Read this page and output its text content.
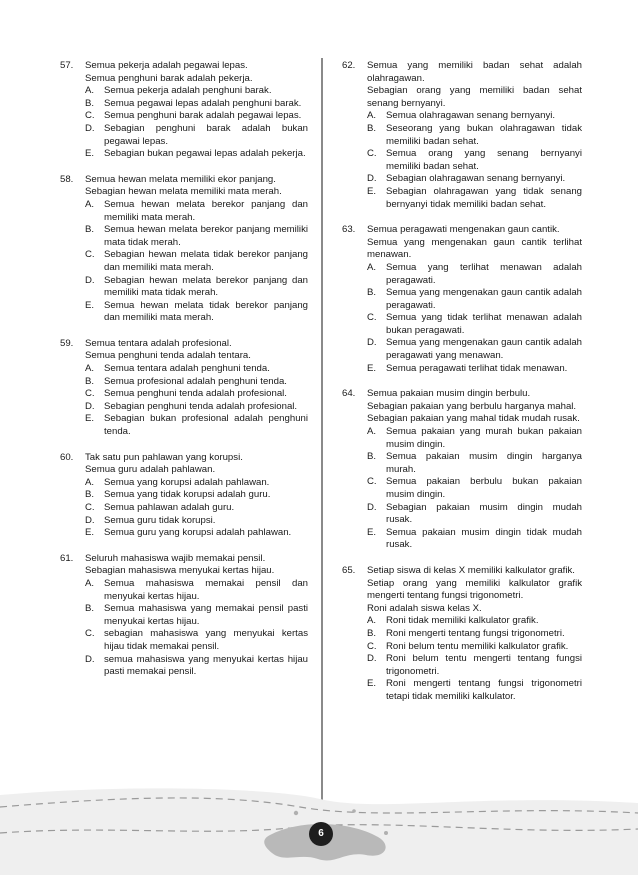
57. Semua pekerja adalah pegawai lepas.
Semua penghuni barak adalah pekerja.
A. Semua pekerja adalah penghuni barak.
B. Semua pegawai lepas adalah penghuni barak.
C. Semua penghuni barak adalah pegawai lepas.
D. Sebagian penghuni barak adalah bukan pegawai lepas.
E. Sebagian bukan pegawai lepas adalah pekerja.
58. Semua hewan melata memiliki ekor panjang.
Sebagian hewan melata memiliki mata merah.
A. Semua hewan melata berekor panjang dan memiliki mata merah.
B. Semua hewan melata berekor panjang memiliki mata tidak merah.
C. Sebagian hewan melata tidak berekor panjang dan memiliki mata merah.
D. Sebagian hewan melata berekor panjang dan memiliki mata tidak merah.
E. Semua hewan melata tidak berekor panjang dan memiliki mata merah.
59. Semua tentara adalah profesional.
Semua penghuni tenda adalah tentara.
A. Semua tentara adalah penghuni tenda.
B. Semua profesional adalah penghuni tenda.
C. Semua penghuni tenda adalah profesional.
D. Sebagian penghuni tenda adalah profesional.
E. Sebagian bukan profesional adalah penghuni tenda.
60. Tak satu pun pahlawan yang korupsi.
Semua guru adalah pahlawan.
A. Semua yang korupsi adalah pahlawan.
B. Semua yang tidak korupsi adalah guru.
C. Semua pahlawan adalah guru.
D. Semua guru tidak korupsi.
E. Semua guru yang korupsi adalah pahlawan.
61. Seluruh mahasiswa wajib memakai pensil.
Sebagian mahasiswa menyukai kertas hijau.
A. Semua mahasiswa memakai pensil dan menyukai kertas hijau.
B. Semua mahasiswa yang memakai pensil pasti menyukai kertas hijau.
C. sebagian mahasiswa yang menyukai kertas hijau tidak memakai pensil.
D. semua mahasiswa yang menyukai kertas hijau pasti memakai pensil.
62. Semua yang memiliki badan sehat adalah olahragawan.
Sebagian orang yang memiliki badan sehat senang bernyanyi.
A. Semua olahragawan senang bernyanyi.
B. Seseorang yang bukan olahragawan tidak memiliki badan sehat.
C. Semua orang yang senang bernyanyi memiliki badan sehat.
D. Sebagian olahragawan senang bernyanyi.
E. Sebagian olahragawan yang tidak senang bernyanyi tidak memiliki badan sehat.
63. Semua peragawati mengenakan gaun cantik.
Semua yang mengenakan gaun cantik terlihat menawan.
A. Semua yang terlihat menawan adalah peragawati.
B. Semua yang mengenakan gaun cantik adalah peragawati.
C. Semua yang tidak terlihat menawan adalah bukan peragawati.
D. Semua yang mengenakan gaun cantik adalah peragawati yang menawan.
E. Semua peragawati terlihat tidak menawan.
64. Semua pakaian musim dingin berbulu.
Sebagian pakaian yang berbulu harganya mahal.
Sebagian pakaian yang mahal tidak mudah rusak.
A. Semua pakaian yang murah bukan pakaian musim dingin.
B. Semua pakaian musim dingin harganya murah.
C. Semua pakaian berbulu bukan pakaian musim dingin.
D. Sebagian pakaian musim dingin mudah rusak.
E. Semua pakaian musim dingin tidak mudah rusak.
65. Setiap siswa di kelas X memiliki kalkulator grafik.
Setiap orang yang memiliki kalkulator grafik mengerti tentang fungsi trigonometri.
Roni adalah siswa kelas X.
A. Roni tidak memiliki kalkulator grafik.
B. Roni mengerti tentang fungsi trigonometri.
C. Roni belum tentu memiliki kalkulator grafik.
D. Roni belum tentu mengerti tentang fungsi trigonometri.
E. Roni mengerti tentang fungsi trigonometri tetapi tidak memiliki kalkulator.
6
